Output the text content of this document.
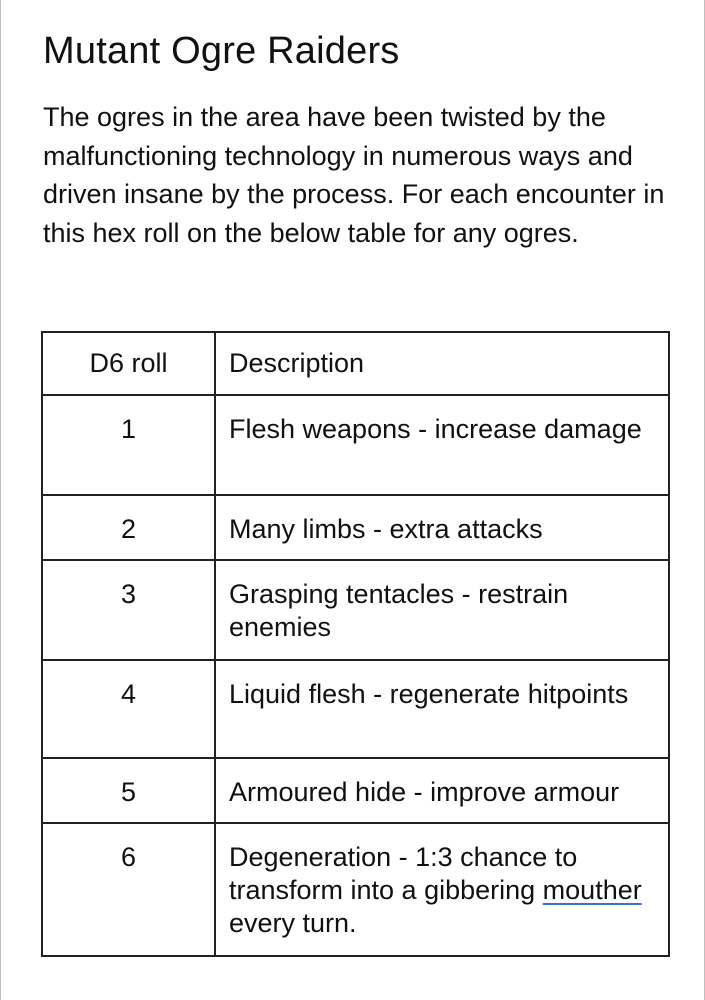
Mutant Ogre Raiders

The ogres in the area have been twisted by the malfunctioning technology in numerous ways and driven insane by the process. For each encounter in this hex roll on the below table for any ogres.

D6 roll	Description

1	Flesh weapons - increase damage

2	Many limbs - extra attacks

3	Grasping tentacles - restrain enemies

4	Liquid flesh - regenerate hitpoints

5	Armoured hide - improve armour

6	Degeneration - 1:3 chance to transform into a gibbering mouther every turn.
